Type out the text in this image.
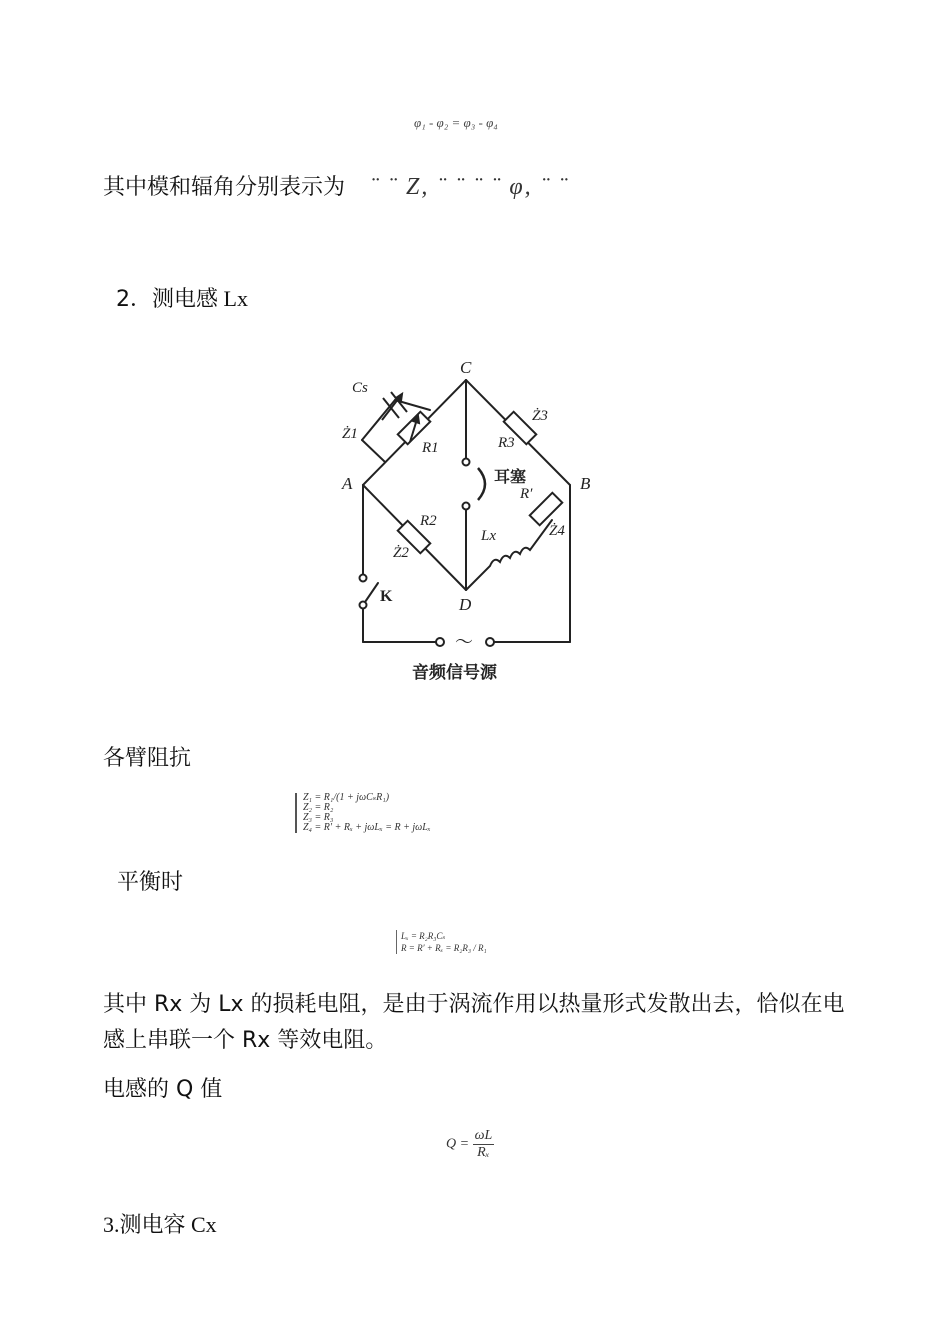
φ₁ - φ₂ = φ₃ - φ₄
其中模和辐角分别表示为 ¨ ¨ Z, ¨ ¨ ¨ ¨ φ, ¨ ¨
2．测电感 Lx
C
A	B
D
Cs
Ż1
R1	R3
Ż3
R′
R2
Ż2
Lx	Ż4
耳塞
K
～
音频信号源
各臂阻抗
Z₁ = R₁/(1 + jωCₛR₁)
Z₂ = R₂
Z₃ = R₃
Z₄ = R′ + Rₓ + jωLₓ = R + jωLₓ
平衡时
Lₓ = R₂R₃Cₛ
R = R′ + Rₓ = R₂R₃ / R₁
其中 Rx 为 Lx 的损耗电阻，是由于涡流作用以热量形式发散出去，恰似在电
感上串联一个 Rx 等效电阻。
电感的 Q 值
$Q = \frac{\omega L}{\text{Rₓ}}$
3.测电容 Cx
